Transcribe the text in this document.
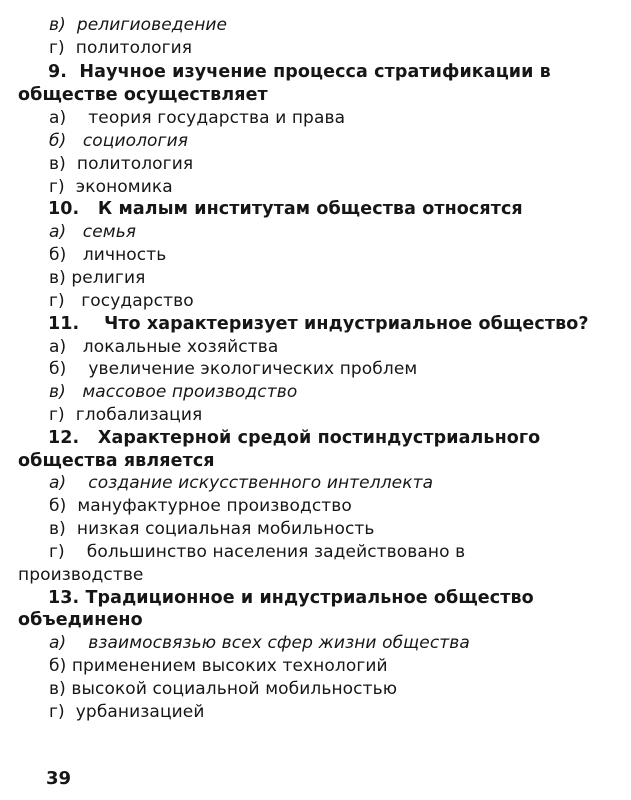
в)  религиоведение
г)  политология
9.  Научное изучение процесса стратификации в
обществе осуществляет
а)    теория государства и права
б)   социология
в)  политология
г)  экономика
10.   К малым институтам общества относятся
а)   семья
б)   личность
в) религия
г)   государство
11.    Что характеризует индустриальное общество?
а)   локальные хозяйства
б)    увеличение экологических проблем
в)   массовое производство
г)  глобализация
12.   Характерной средой постиндустриального
общества является
а)    создание искусственного интеллекта
б)  мануфактурное производство
в)  низкая социальная мобильность
г)    большинство населения задействовано в
производстве
13. Традиционное и индустриальное общество
объединено
а)    взаимосвязью всех сфер жизни общества
б) применением высоких технологий
в) высокой социальной мобильностью
г)  урбанизацией
39
